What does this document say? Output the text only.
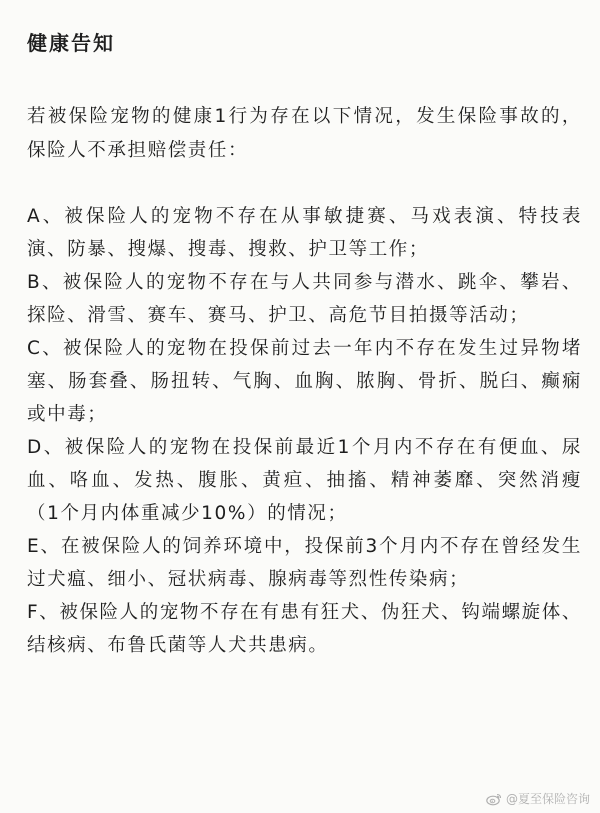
健康告知

若被保险宠物的健康1行为存在以下情况，发生保险事故的，保险人不承担赔偿责任：

A、被保险人的宠物不存在从事敏捷赛、马戏表演、特技表演、防暴、搜爆、搜毒、搜救、护卫等工作；

B、被保险人的宠物不存在与人共同参与潜水、跳伞、攀岩、探险、滑雪、赛车、赛马、护卫、高危节目拍摄等活动；

C、被保险人的宠物在投保前过去一年内不存在发生过异物堵塞、肠套叠、肠扭转、气胸、血胸、脓胸、骨折、脱臼、癫痫或中毒；

D、被保险人的宠物在投保前最近1个月内不存在有便血、尿血、咯血、发热、腹胀、黄疸、抽搐、精神萎靡、突然消瘦（1个月内体重减少10%）的情况；

E、在被保险人的饲养环境中，投保前3个月内不存在曾经发生过犬瘟、细小、冠状病毒、腺病毒等烈性传染病；

F、被保险人的宠物不存在有患有狂犬、伪狂犬、钩端螺旋体、结核病、布鲁氏菌等人犬共患病。

@夏至保险咨询
